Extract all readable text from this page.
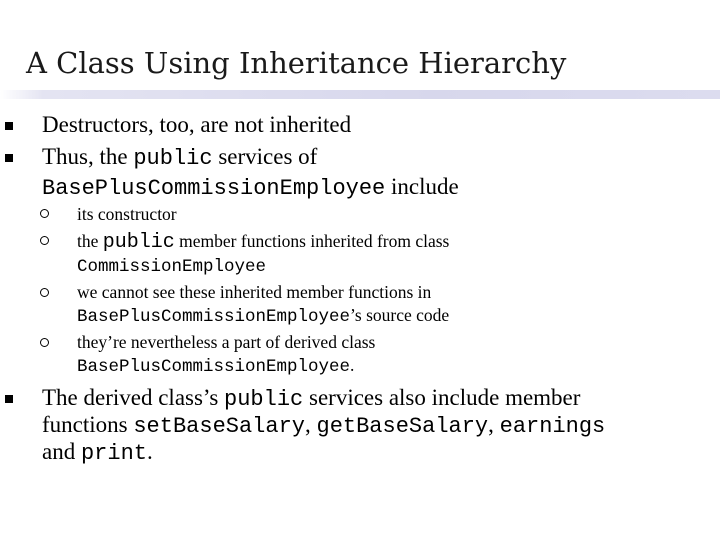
A Class Using Inheritance Hierarchy
Destructors, too, are not inherited
Thus, the public services of
BasePlusCommissionEmployee include
its constructor
the public member functions inherited from class
CommissionEmployee
we cannot see these inherited member functions in
BasePlusCommissionEmployee’s source code
they’re nevertheless a part of derived class
BasePlusCommissionEmployee.
The derived class’s public services also include member
functions setBaseSalary, getBaseSalary, earnings
and print.
